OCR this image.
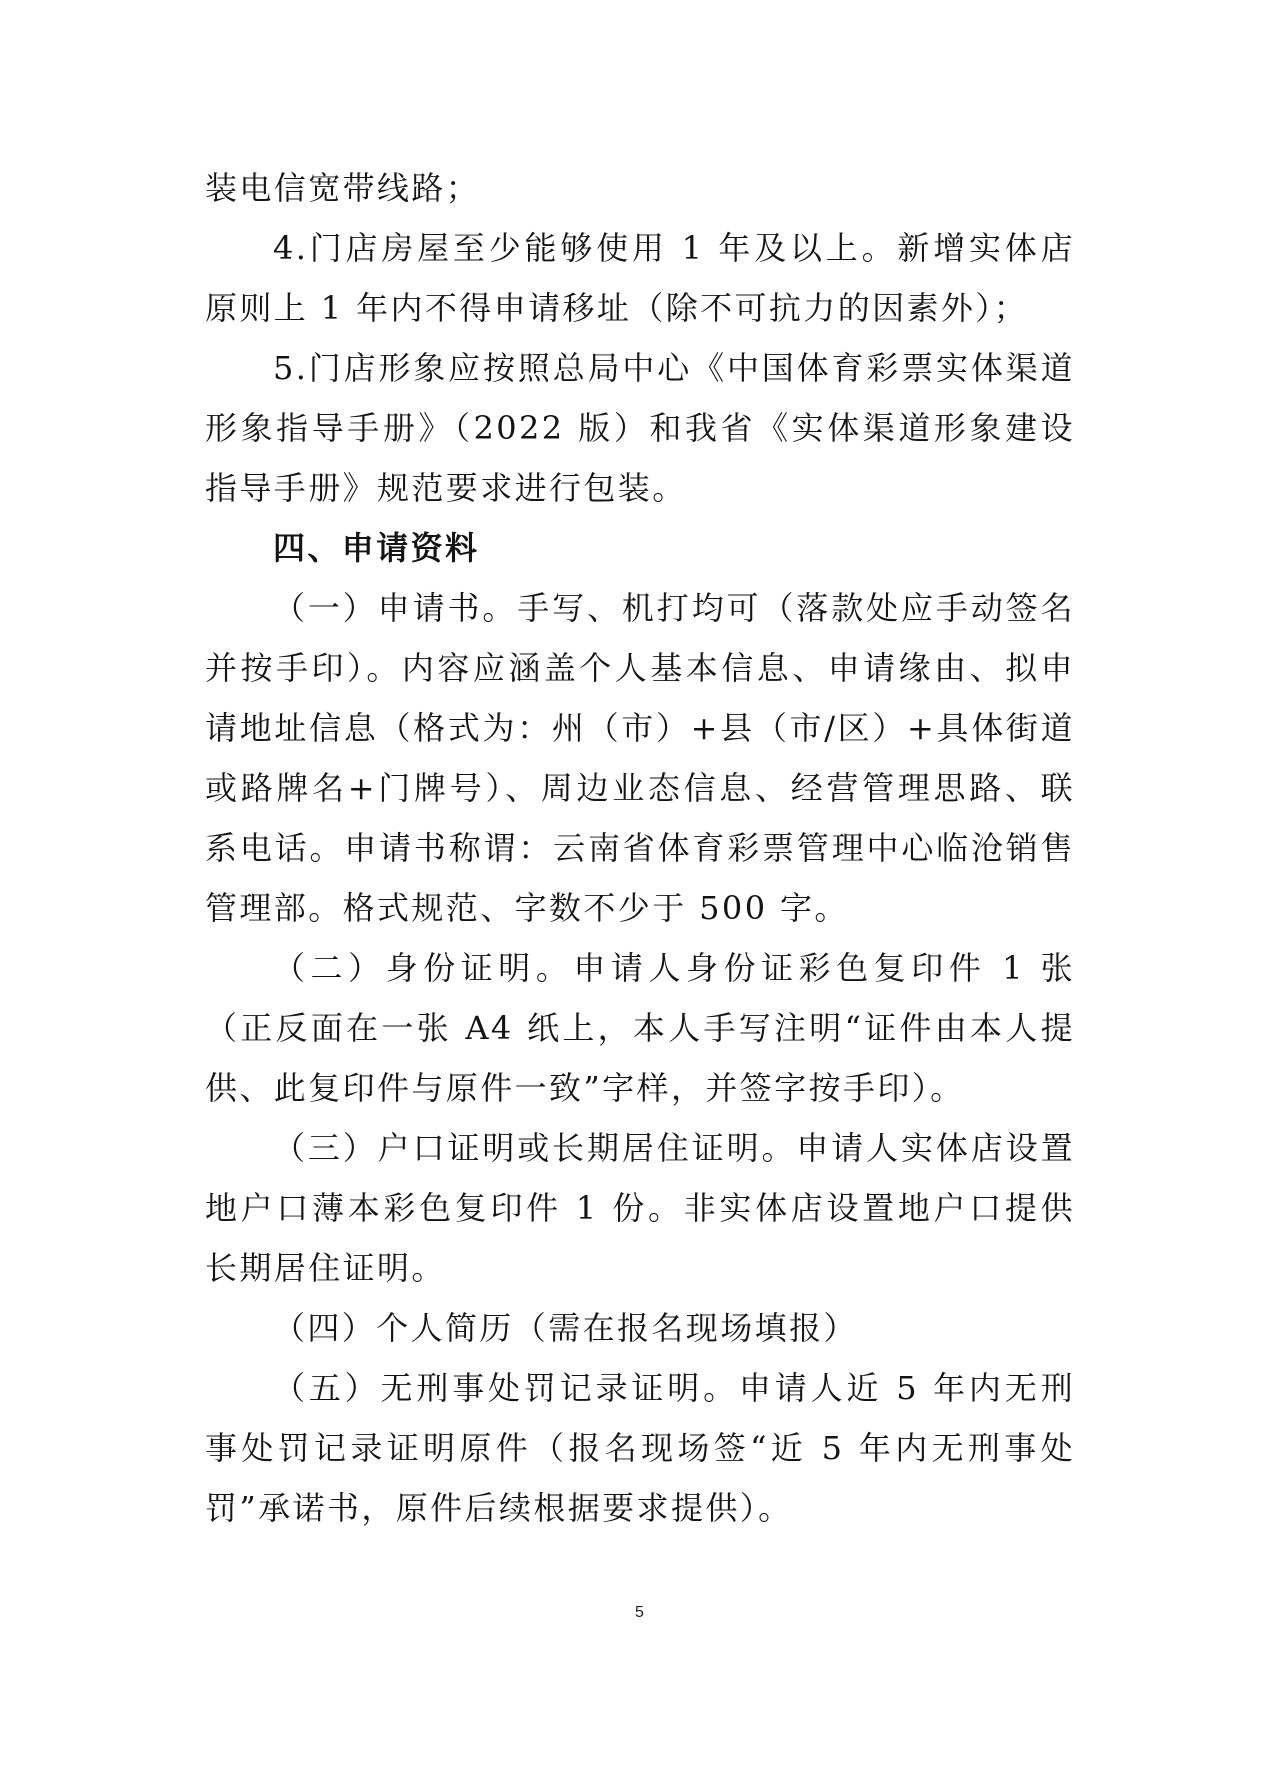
装电信宽带线路；

4.门店房屋至少能够使用 1 年及以上。新增实体店原则上 1 年内不得申请移址（除不可抗力的因素外）；

5.门店形象应按照总局中心《中国体育彩票实体渠道形象指导手册》（2022 版）和我省《实体渠道形象建设指导手册》规范要求进行包装。

四、申请资料

（一）申请书。手写、机打均可（落款处应手动签名并按手印）。内容应涵盖个人基本信息、申请缘由、拟申请地址信息（格式为：州（市）+县（市/区）+具体街道或路牌名+门牌号）、周边业态信息、经营管理思路、联系电话。申请书称谓：云南省体育彩票管理中心临沧销售管理部。格式规范、字数不少于 500 字。

（二）身份证明。申请人身份证彩色复印件 1 张（正反面在一张 A4 纸上，本人手写注明“证件由本人提供、此复印件与原件一致”字样，并签字按手印）。

（三）户口证明或长期居住证明。申请人实体店设置地户口薄本彩色复印件 1 份。非实体店设置地户口提供长期居住证明。

（四）个人简历（需在报名现场填报）

（五）无刑事处罚记录证明。申请人近 5 年内无刑事处罚记录证明原件（报名现场签“近 5 年内无刑事处罚”承诺书，原件后续根据要求提供）。

5
